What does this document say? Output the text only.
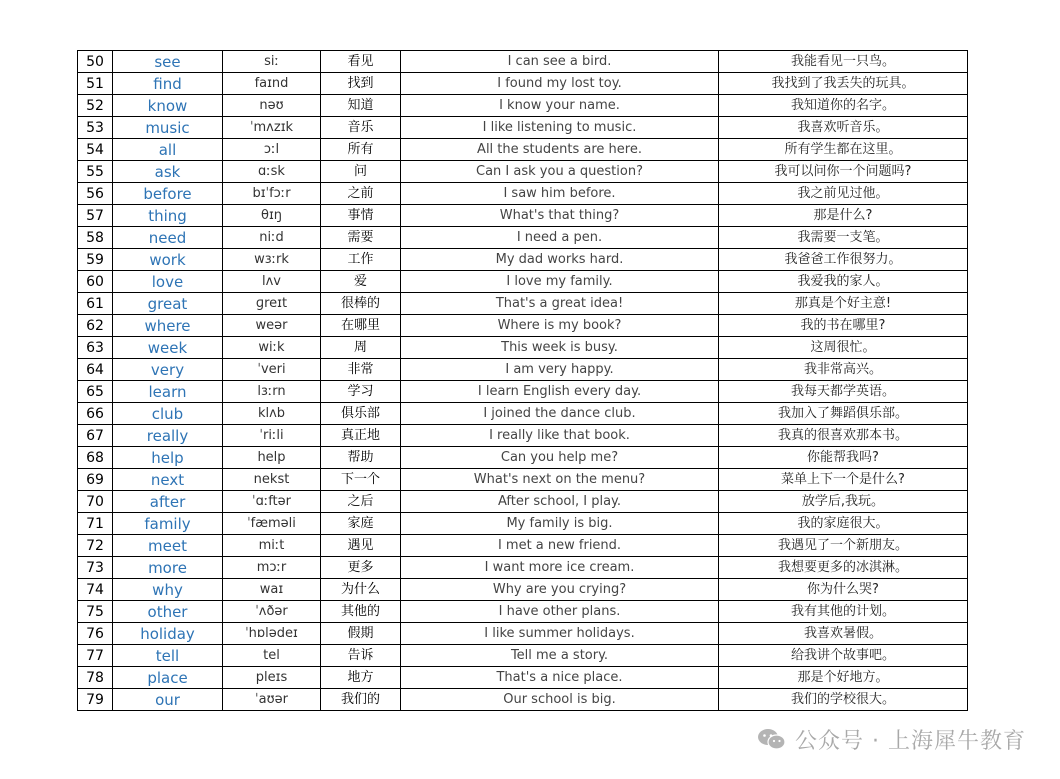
50	see	siː	看见	I can see a bird.	我能看见一只鸟。
51	find	faɪnd	找到	I found my lost toy.	我找到了我丢失的玩具。
52	know	nəʊ	知道	I know your name.	我知道你的名字。
53	music	ˈmʌzɪk	音乐	I like listening to music.	我喜欢听音乐。
54	all	ɔːl	所有	All the students are here.	所有学生都在这里。
55	ask	ɑːsk	问	Can I ask you a question?	我可以问你一个问题吗?
56	before	bɪˈfɔːr	之前	I saw him before.	我之前见过他。
57	thing	θɪŋ	事情	What's that thing?	那是什么?
58	need	niːd	需要	I need a pen.	我需要一支笔。
59	work	wɜːrk	工作	My dad works hard.	我爸爸工作很努力。
60	love	lʌv	爱	I love my family.	我爱我的家人。
61	great	ɡreɪt	很棒的	That's a great idea!	那真是个好主意!
62	where	weər	在哪里	Where is my book?	我的书在哪里?
63	week	wiːk	周	This week is busy.	这周很忙。
64	very	ˈveri	非常	I am very happy.	我非常高兴。
65	learn	lɜːrn	学习	I learn English every day.	我每天都学英语。
66	club	klʌb	俱乐部	I joined the dance club.	我加入了舞蹈俱乐部。
67	really	ˈriːli	真正地	I really like that book.	我真的很喜欢那本书。
68	help	help	帮助	Can you help me?	你能帮我吗?
69	next	nekst	下一个	What's next on the menu?	菜单上下一个是什么?
70	after	ˈɑːftər	之后	After school, I play.	放学后,我玩。
71	family	ˈfæməli	家庭	My family is big.	我的家庭很大。
72	meet	miːt	遇见	I met a new friend.	我遇见了一个新朋友。
73	more	mɔːr	更多	I want more ice cream.	我想要更多的冰淇淋。
74	why	waɪ	为什么	Why are you crying?	你为什么哭?
75	other	ˈʌðər	其他的	I have other plans.	我有其他的计划。
76	holiday	ˈhɒlədeɪ	假期	I like summer holidays.	我喜欢暑假。
77	tell	tel	告诉	Tell me a story.	给我讲个故事吧。
78	place	pleɪs	地方	That's a nice place.	那是个好地方。
79	our	ˈaʊər	我们的	Our school is big.	我们的学校很大。
公众号 · 上海犀牛教育
